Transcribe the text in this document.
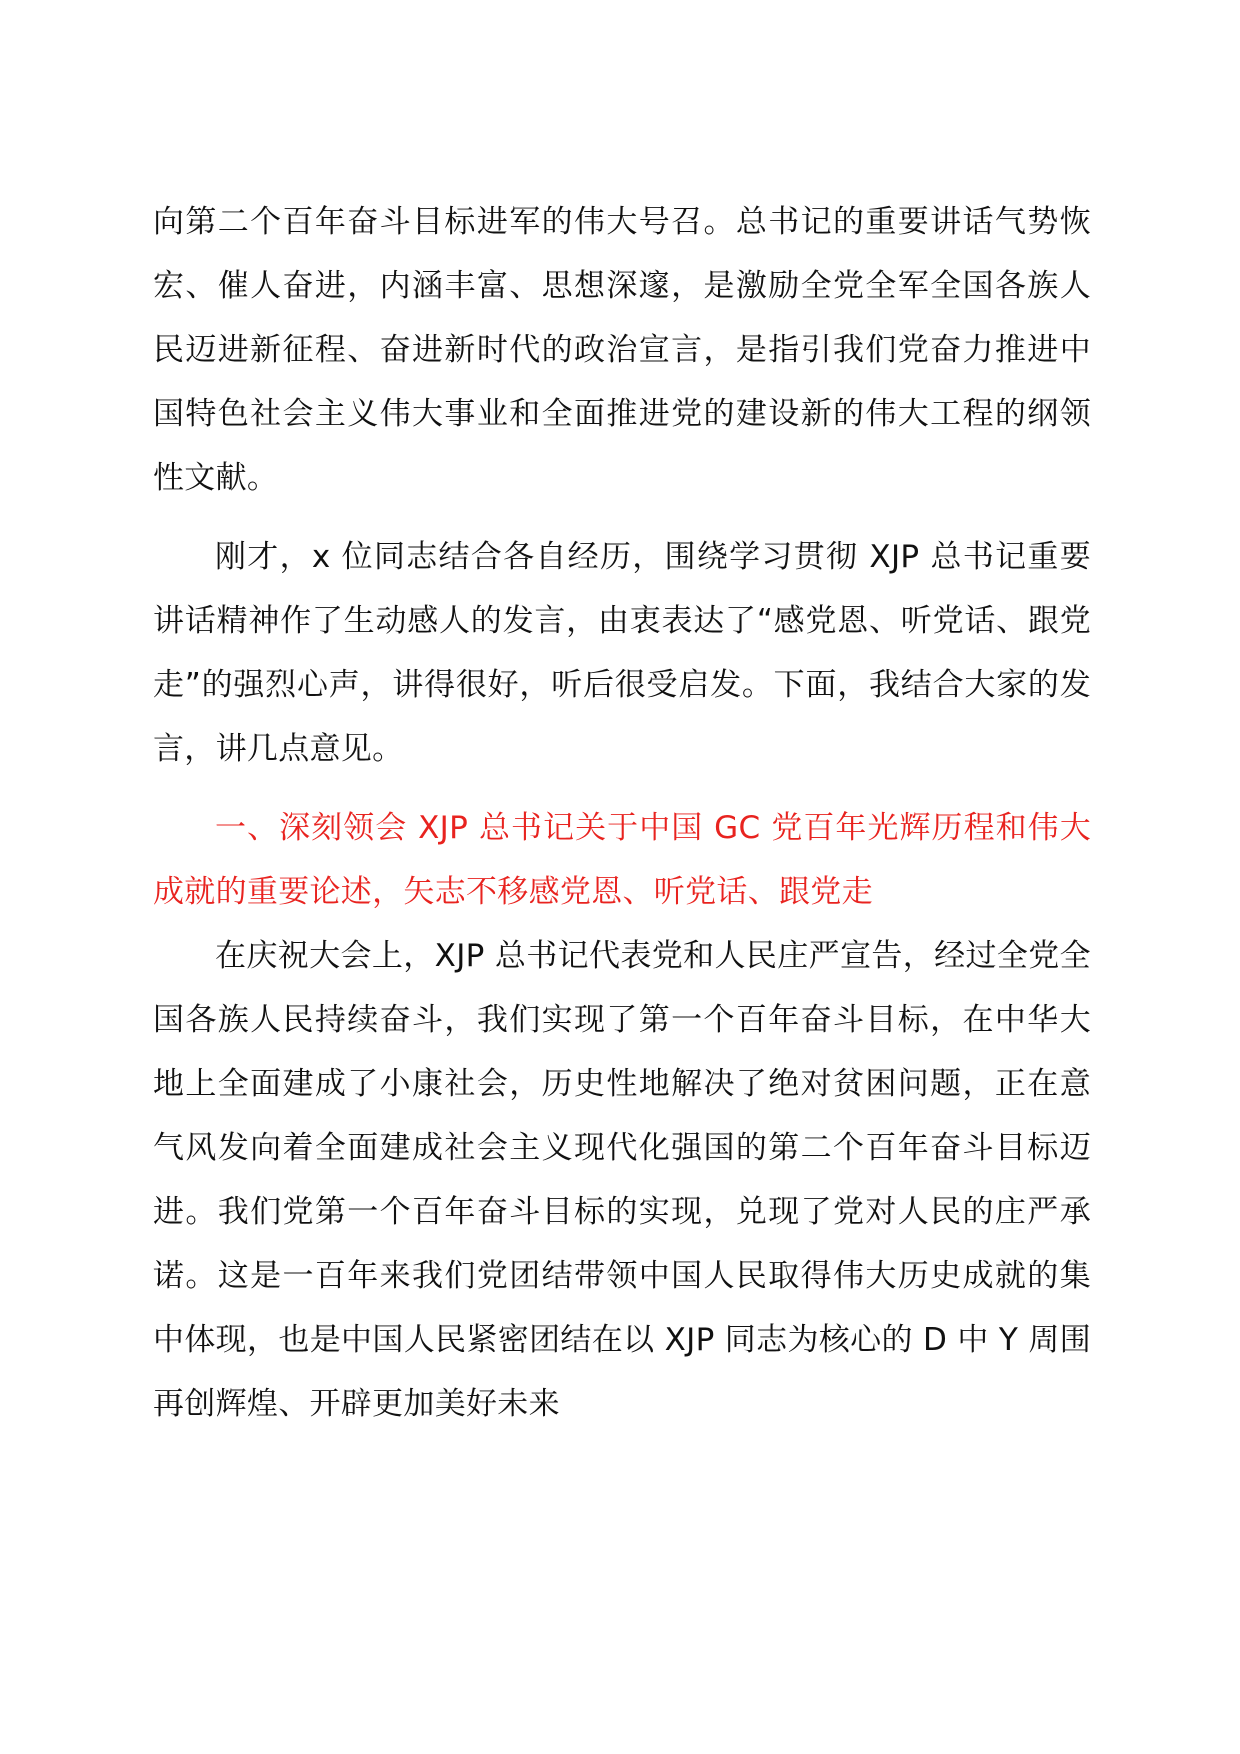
向第二个百年奋斗目标进军的伟大号召。总书记的重要讲话气势恢宏、催人奋进，内涵丰富、思想深邃，是激励全党全军全国各族人民迈进新征程、奋进新时代的政治宣言，是指引我们党奋力推进中国特色社会主义伟大事业和全面推进党的建设新的伟大工程的纲领性文献。

刚才，x 位同志结合各自经历，围绕学习贯彻 XJP 总书记重要讲话精神作了生动感人的发言，由衷表达了“感党恩、听党话、跟党走”的强烈心声，讲得很好，听后很受启发。下面，我结合大家的发言，讲几点意见。

一、深刻领会 XJP 总书记关于中国 GC 党百年光辉历程和伟大成就的重要论述，矢志不移感党恩、听党话、跟党走

在庆祝大会上，XJP 总书记代表党和人民庄严宣告，经过全党全国各族人民持续奋斗，我们实现了第一个百年奋斗目标，在中华大地上全面建成了小康社会，历史性地解决了绝对贫困问题，正在意气风发向着全面建成社会主义现代化强国的第二个百年奋斗目标迈进。我们党第一个百年奋斗目标的实现，兑现了党对人民的庄严承诺。这是一百年来我们党团结带领中国人民取得伟大历史成就的集中体现，也是中国人民紧密团结在以 XJP 同志为核心的 D 中 Y 周围再创辉煌、开辟更加美好未来
